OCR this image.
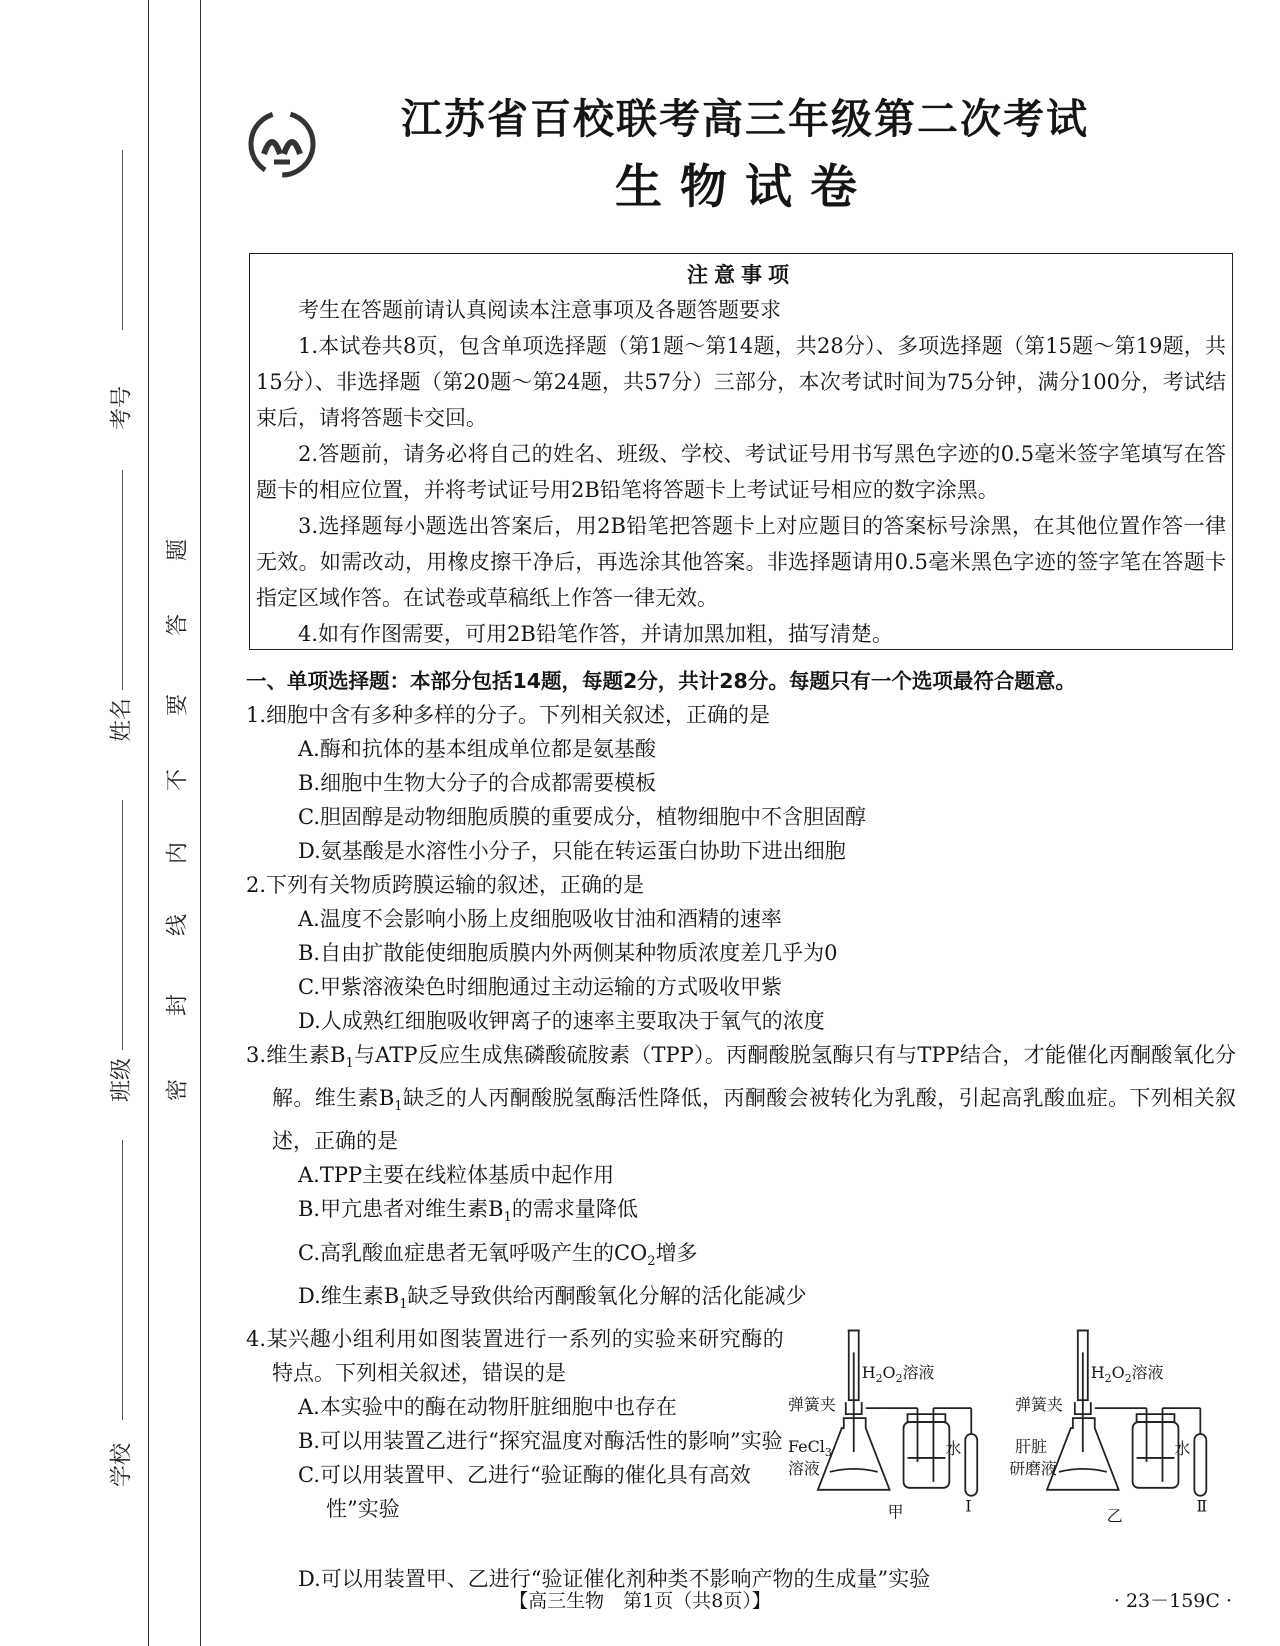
考号
姓名
班级
学校
密
封
线
内
不
要
答
题
江苏省百校联考高三年级第二次考试
生物试卷
注意事项

考生在答题前请认真阅读本注意事项及各题答题要求

1.本试卷共8页，包含单项选择题（第1题～第14题，共28分）、多项选择题（第15题～第19题，共15分）、非选择题（第20题～第24题，共57分）三部分，本次考试时间为75分钟，满分100分，考试结束后，请将答题卡交回。

2.答题前，请务必将自己的姓名、班级、学校、考试证号用书写黑色字迹的0.5毫米签字笔填写在答题卡的相应位置，并将考试证号用2B铅笔将答题卡上考试证号相应的数字涂黑。

3.选择题每小题选出答案后，用2B铅笔把答题卡上对应题目的答案标号涂黑，在其他位置作答一律无效。如需改动，用橡皮擦干净后，再选涂其他答案。非选择题请用0.5毫米黑色字迹的签字笔在答题卡指定区域作答。在试卷或草稿纸上作答一律无效。

4.如有作图需要，可用2B铅笔作答，并请加黑加粗，描写清楚。

一、单项选择题：本部分包括14题，每题2分，共计28分。每题只有一个选项最符合题意。
1.细胞中含有多种多样的分子。下列相关叙述，正确的是
A.酶和抗体的基本组成单位都是氨基酸
B.细胞中生物大分子的合成都需要模板
C.胆固醇是动物细胞质膜的重要成分，植物细胞中不含胆固醇
D.氨基酸是水溶性小分子，只能在转运蛋白协助下进出细胞
2.下列有关物质跨膜运输的叙述，正确的是
A.温度不会影响小肠上皮细胞吸收甘油和酒精的速率
B.自由扩散能使细胞质膜内外两侧某种物质浓度差几乎为0
C.甲紫溶液染色时细胞通过主动运输的方式吸收甲紫
D.人成熟红细胞吸收钾离子的速率主要取决于氧气的浓度
3.维生素$B_1$与ATP反应生成焦磷酸硫胺素（TPP）。丙酮酸脱氢酶只有与TPP结合，才能催化丙酮酸氧化分解。维生素$B_1$缺乏的人丙酮酸脱氢酶活性降低，丙酮酸会被转化为乳酸，引起高乳酸血症。下列相关叙述，正确的是
A.TPP主要在线粒体基质中起作用
B.甲亢患者对维生素$B_1$的需求量降低
C.高乳酸血症患者无氧呼吸产生的$CO_2$增多
D.维生素$B_1$缺乏导致供给丙酮酸氧化分解的活化能减少
4.某兴趣小组利用如图装置进行一系列的实验来研究酶的特点。下列相关叙述，错误的是
A.本实验中的酶在动物肝脏细胞中也存在
B.可以用装置乙进行“探究温度对酶活性的影响”实验
C.可以用装置甲、乙进行“验证酶的催化具有高效性”实验
$H_2O_2$溶液
弹簧夹
FeCl$_3$
溶液
水
甲	Ⅰ
$H_2O_2$溶液
弹簧夹
肝脏
研磨液
水
乙
Ⅱ
D.可以用装置甲、乙进行“验证催化剂种类不影响产物的生成量”实验
【高三生物　第1页（共8页）】	· 23－159C ·
